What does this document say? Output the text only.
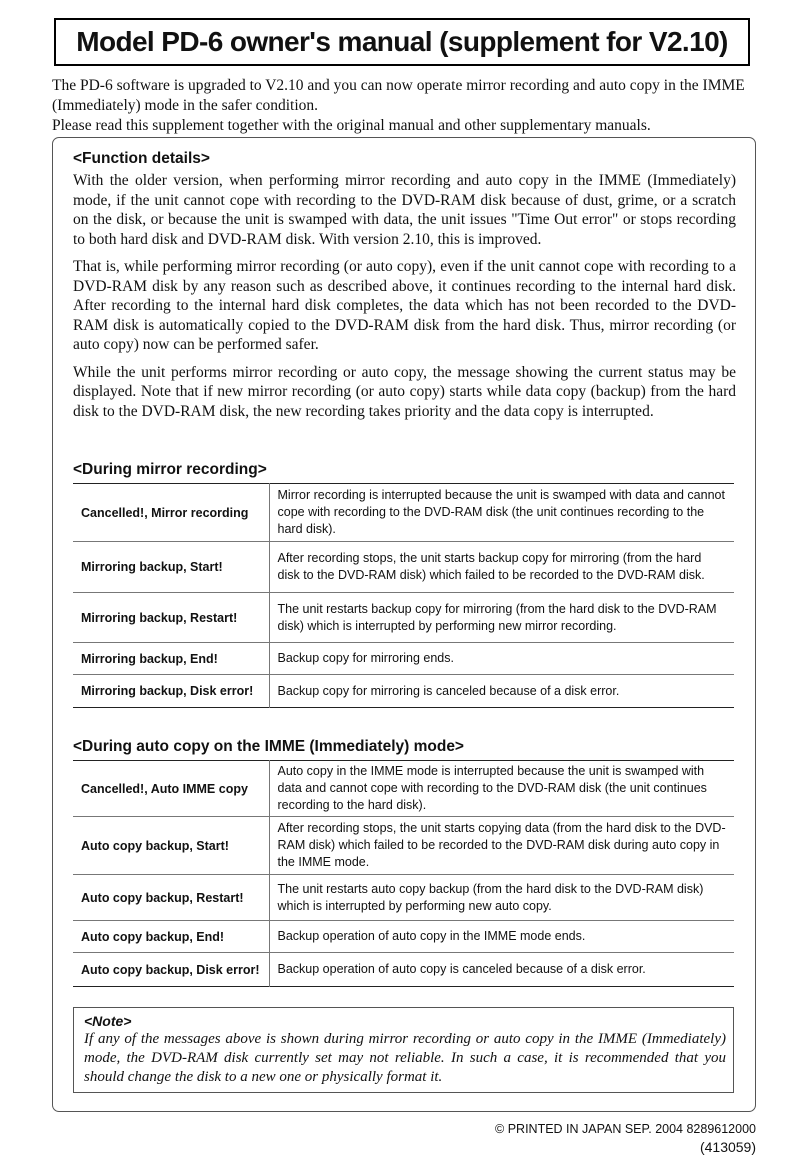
Model PD-6 owner's manual (supplement for V2.10)

The PD-6 software is upgraded to V2.10 and you can now operate mirror recording and auto copy in the IMME (Immediately) mode in the safer condition.

Please read this supplement together with the original manual and other supplementary manuals.

<Function details>

With the older version, when performing mirror recording and auto copy in the IMME (Immediately) mode, if the unit cannot cope with recording to the DVD-RAM disk because of dust, grime, or a scratch on the disk, or because the unit is swamped with data, the unit issues "Time Out error" or stops recording to both hard disk and DVD-RAM disk. With version 2.10, this is improved.

That is, while performing mirror recording (or auto copy), even if the unit cannot cope with recording to a DVD-RAM disk by any reason such as described above, it continues recording to the internal hard disk. After recording to the internal hard disk completes, the data which has not been recorded to the DVD-RAM disk is automatically copied to the DVD-RAM disk from the hard disk. Thus, mirror recording (or auto copy) now can be performed safer.

While the unit performs mirror recording or auto copy, the message showing the current status may be displayed. Note that if new mirror recording (or auto copy) starts while data copy (backup) from the hard disk to the DVD-RAM disk, the new recording takes priority and the data copy is interrupted.

<During mirror recording>
Cancelled!, Mirror recording	Mirror recording is interrupted because the unit is swamped with data and cannot cope with recording to the DVD-RAM disk (the unit continues recording to the hard disk).
Mirroring backup, Start!	After recording stops, the unit starts backup copy for mirroring (from the hard disk to the DVD-RAM disk) which failed to be recorded to the DVD-RAM disk.
Mirroring backup, Restart!	The unit restarts backup copy for mirroring (from the hard disk to the DVD-RAM disk) which is interrupted by performing new mirror recording.
Mirroring backup, End!	Backup copy for mirroring ends.
Mirroring backup, Disk error!	Backup copy for mirroring is canceled because of a disk error.
<During auto copy on the IMME (Immediately) mode>
Cancelled!, Auto IMME copy	Auto copy in the IMME mode is interrupted because the unit is swamped with data and cannot cope with recording to the DVD-RAM disk (the unit continues recording to the hard disk).
Auto copy backup, Start!	After recording stops, the unit starts copying data (from the hard disk to the DVD-RAM disk) which failed to be recorded to the DVD-RAM disk during auto copy in the IMME mode.
Auto copy backup, Restart!	The unit restarts auto copy backup (from the hard disk to the DVD-RAM disk) which is interrupted by performing new auto copy.
Auto copy backup, End!	Backup operation of auto copy in the IMME mode ends.
Auto copy backup, Disk error!	Backup operation of auto copy is canceled because of a disk error.
<Note>
If any of the messages above is shown during mirror recording or auto copy in the IMME (Immediately) mode, the DVD-RAM disk currently set may not reliable. In such a case, it is recommended that you should change the disk to a new one or physically format it.
© PRINTED IN JAPAN SEP. 2004 8289612000
(413059)
